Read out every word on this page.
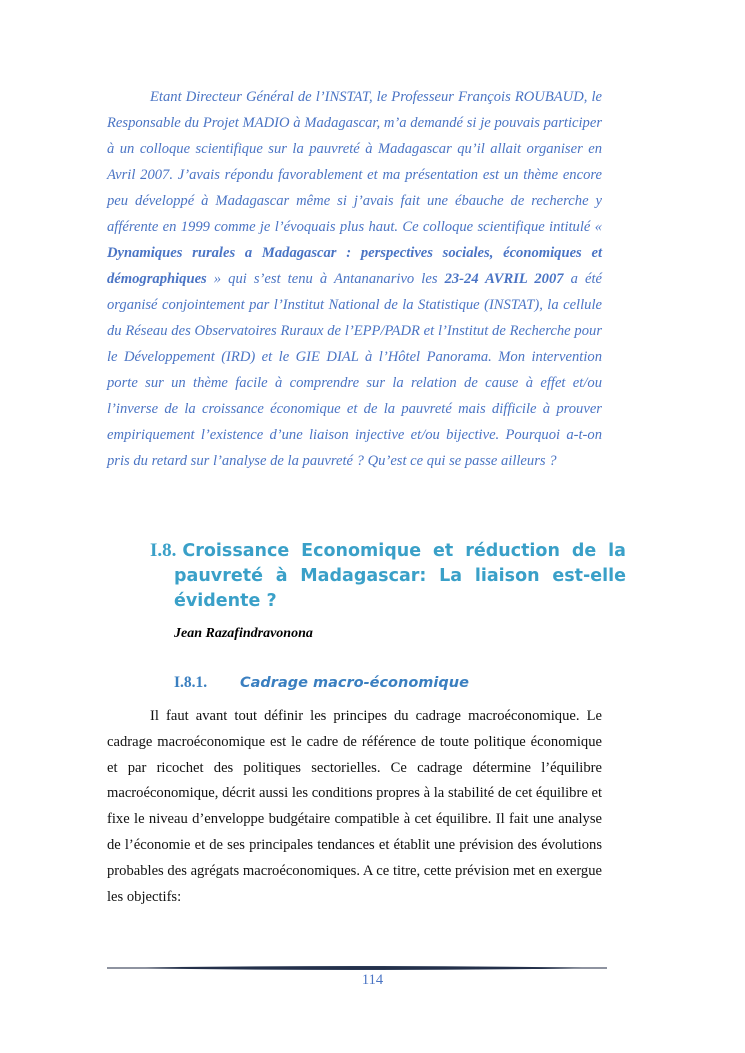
Etant Directeur Général de l’INSTAT, le Professeur François ROUBAUD, le Responsable du Projet MADIO à Madagascar, m’a demandé si je pouvais participer à un colloque scientifique sur la pauvreté à Madagascar qu’il allait organiser en Avril 2007. J’avais répondu favorablement et ma présentation est un thème encore peu développé à Madagascar même si j’avais fait une ébauche de recherche y afférente en 1999 comme je l’évoquais plus haut. Ce colloque scientifique intitulé « Dynamiques rurales a Madagascar : perspectives sociales, économiques et démographiques » qui s’est tenu à Antananarivo les 23-24 AVRIL 2007 a été organisé conjointement par l’Institut National de la Statistique (INSTAT), la cellule du Réseau des Observatoires Ruraux de l’EPP/PADR et l’Institut de Recherche pour le Développement (IRD) et le GIE DIAL à l’Hôtel Panorama. Mon intervention porte sur un thème facile à comprendre sur la relation de cause à effet et/ou l’inverse de la croissance économique et de la pauvreté mais difficile à prouver empiriquement l’existence d’une liaison injective et/ou bijective. Pourquoi a-t-on pris du retard sur l’analyse de la pauvreté ? Qu’est ce qui se passe ailleurs ?

I.8. Croissance Economique et réduction de la pauvreté à Madagascar: La liaison est-elle évidente ?
Jean Razafindravonona
I.8.1. Cadrage macro-économique

Il faut avant tout définir les principes du cadrage macroéconomique. Le cadrage macroéconomique est le cadre de référence de toute politique économique et par ricochet des politiques sectorielles. Ce cadrage détermine l’équilibre macroéconomique, décrit aussi les conditions propres à la stabilité de cet équilibre et fixe le niveau d’enveloppe budgétaire compatible à cet équilibre. Il fait une analyse de l’économie et de ses principales tendances et établit une prévision des évolutions probables des agrégats macroéconomiques. A ce titre, cette prévision met en exergue les objectifs:

114
